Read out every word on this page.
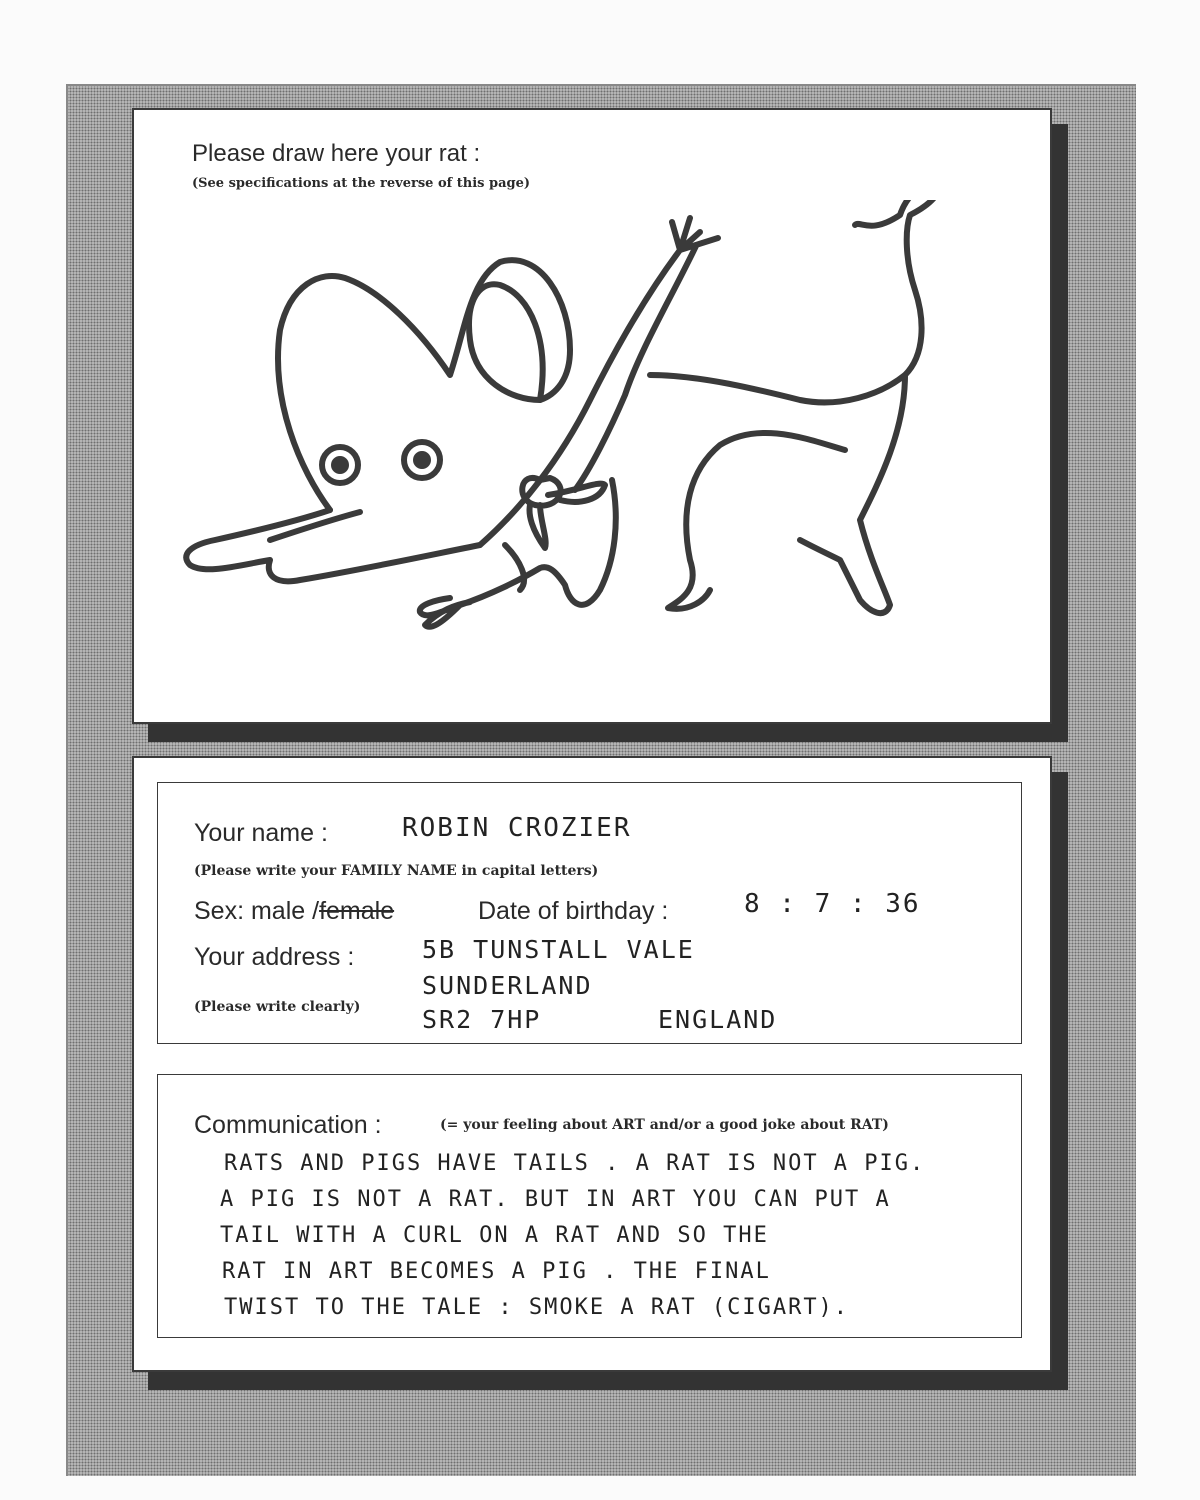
Please draw here your rat :
(See specifications at the reverse of this page)
Your name :	ROBIN CROZIER
(Please write your FAMILY NAME in capital letters)
Sex: male /female	Date of birthday :	8 : 7 : 36
Your address :
(Please write clearly)
5B TUNSTALL VALE
SUNDERLAND
SR2 7HP	ENGLAND
Communication :	(= your feeling about ART and/or a good joke about RAT)
RATS AND PIGS HAVE TAILS . A RAT IS NOT A PIG.
A PIG IS NOT A RAT. BUT IN ART YOU CAN PUT A
TAIL WITH A CURL ON A RAT AND SO THE
RAT IN ART BECOMES A PIG . THE FINAL
TWIST TO THE TALE : SMOKE A RAT (CIGART).
